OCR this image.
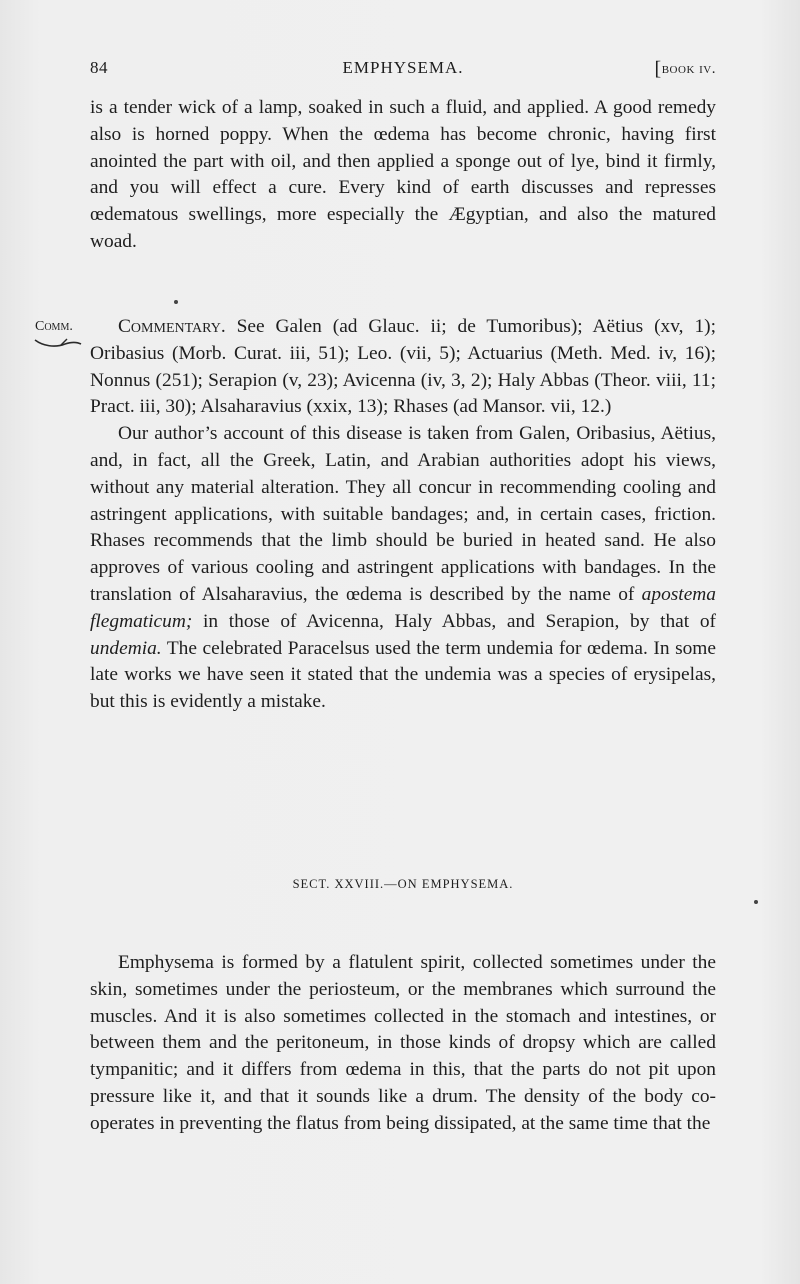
84	EMPHYSEMA.	[book iv.

is a tender wick of a lamp, soaked in such a fluid, and applied. A good remedy also is horned poppy. When the œdema has become chronic, having first anointed the part with oil, and then applied a sponge out of lye, bind it firmly, and you will effect a cure. Every kind of earth discusses and represses œdematous swellings, more especially the Ægyptian, and also the matured woad.

Comm.	Commentary. See Galen (ad Glauc. ii; de Tumoribus); Aëtius (xv, 1); Oribasius (Morb. Curat. iii, 51); Leo. (vii, 5); Actuarius (Meth. Med. iv, 16); Nonnus (251); Serapion (v, 23); Avicenna (iv, 3, 2); Haly Abbas (Theor. viii, 11; Pract. iii, 30); Alsaharavius (xxix, 13); Rhases (ad Mansor. vii, 12.)

Our author’s account of this disease is taken from Galen, Oribasius, Aëtius, and, in fact, all the Greek, Latin, and Arabian authorities adopt his views, without any material alteration. They all concur in recommending cooling and astringent applications, with suitable bandages; and, in certain cases, friction. Rhases recommends that the limb should be buried in heated sand. He also approves of various cooling and astringent applications with bandages. In the translation of Alsaharavius, the œdema is described by the name of apostema flegmaticum; in those of Avicenna, Haly Abbas, and Serapion, by that of undemia. The celebrated Paracelsus used the term undemia for œdema. In some late works we have seen it stated that the undemia was a species of erysipelas, but this is evidently a mistake.

SECT. XXVIII.—ON EMPHYSEMA.

Emphysema is formed by a flatulent spirit, collected sometimes under the skin, sometimes under the periosteum, or the membranes which surround the muscles. And it is also sometimes collected in the stomach and intestines, or between them and the peritoneum, in those kinds of dropsy which are called tympanitic; and it differs from œdema in this, that the parts do not pit upon pressure like it, and that it sounds like a drum. The density of the body co-operates in preventing the flatus from being dissipated, at the same time that the
